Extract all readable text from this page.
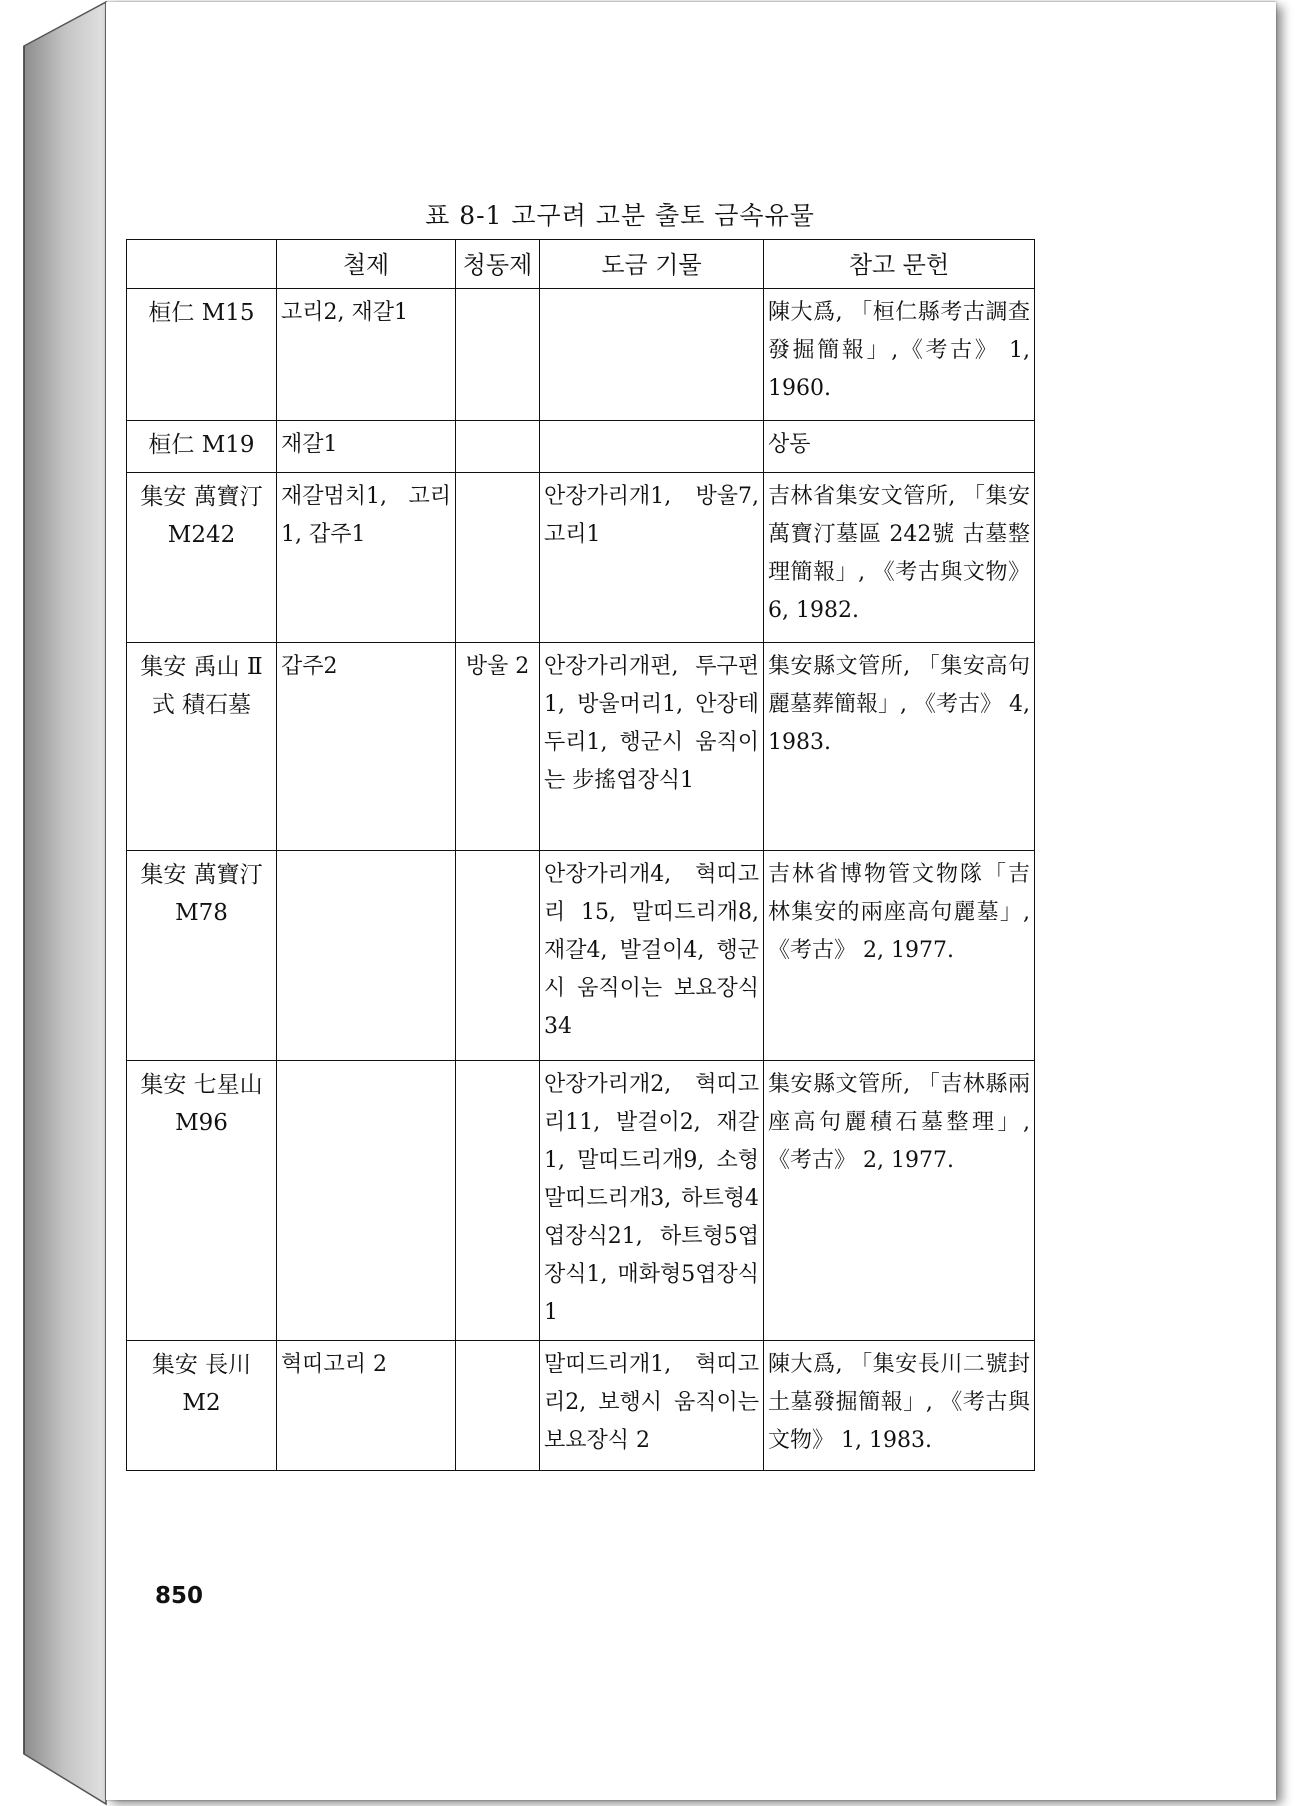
표 8-1 고구려 고분 출토 금속유물
	철제	청동제	도금 기물	참고 문헌
桓仁 M15	고리2, 재갈1			陳大爲, 「桓仁縣考古調查發掘簡報」,《考古》 1, 1960.
桓仁 M19	재갈1			상동
集安 萬寶汀 M242	재갈멈치1, 고리1, 갑주1		안장가리개1, 방울7, 고리1	吉林省集安文管所, 「集安萬寶汀墓區 242號 古墓整理簡報」, 《考古與文物》 6, 1982.
集安 禹山 Ⅱ式 積石墓	갑주2	방울 2	안장가리개편, 투구편1, 방울머리1, 안장테두리1, 행군시 움직이는 步搖엽장식1	集安縣文管所, 「集安高句麗墓葬簡報」, 《考古》 4, 1983.
集安 萬寶汀 M78			안장가리개4, 혁띠고리 15, 말띠드리개8, 재갈4, 발걸이4, 행군시 움직이는 보요장식34	吉林省博物管文物隊「吉林集安的兩座高句麗墓」,《考古》 2, 1977.
集安 七星山 M96			안장가리개2, 혁띠고리11, 발걸이2, 재갈1, 말띠드리개9, 소형말띠드리개3, 하트형4엽장식21, 하트형5엽장식1, 매화형5엽장식1	集安縣文管所, 「吉林縣兩座高句麗積石墓整理」,《考古》 2, 1977.
集安 長川 M2	혁띠고리 2		말띠드리개1, 혁띠고리2, 보행시 움직이는 보요장식 2	陳大爲, 「集安長川二號封土墓發掘簡報」, 《考古與文物》 1, 1983.
850
